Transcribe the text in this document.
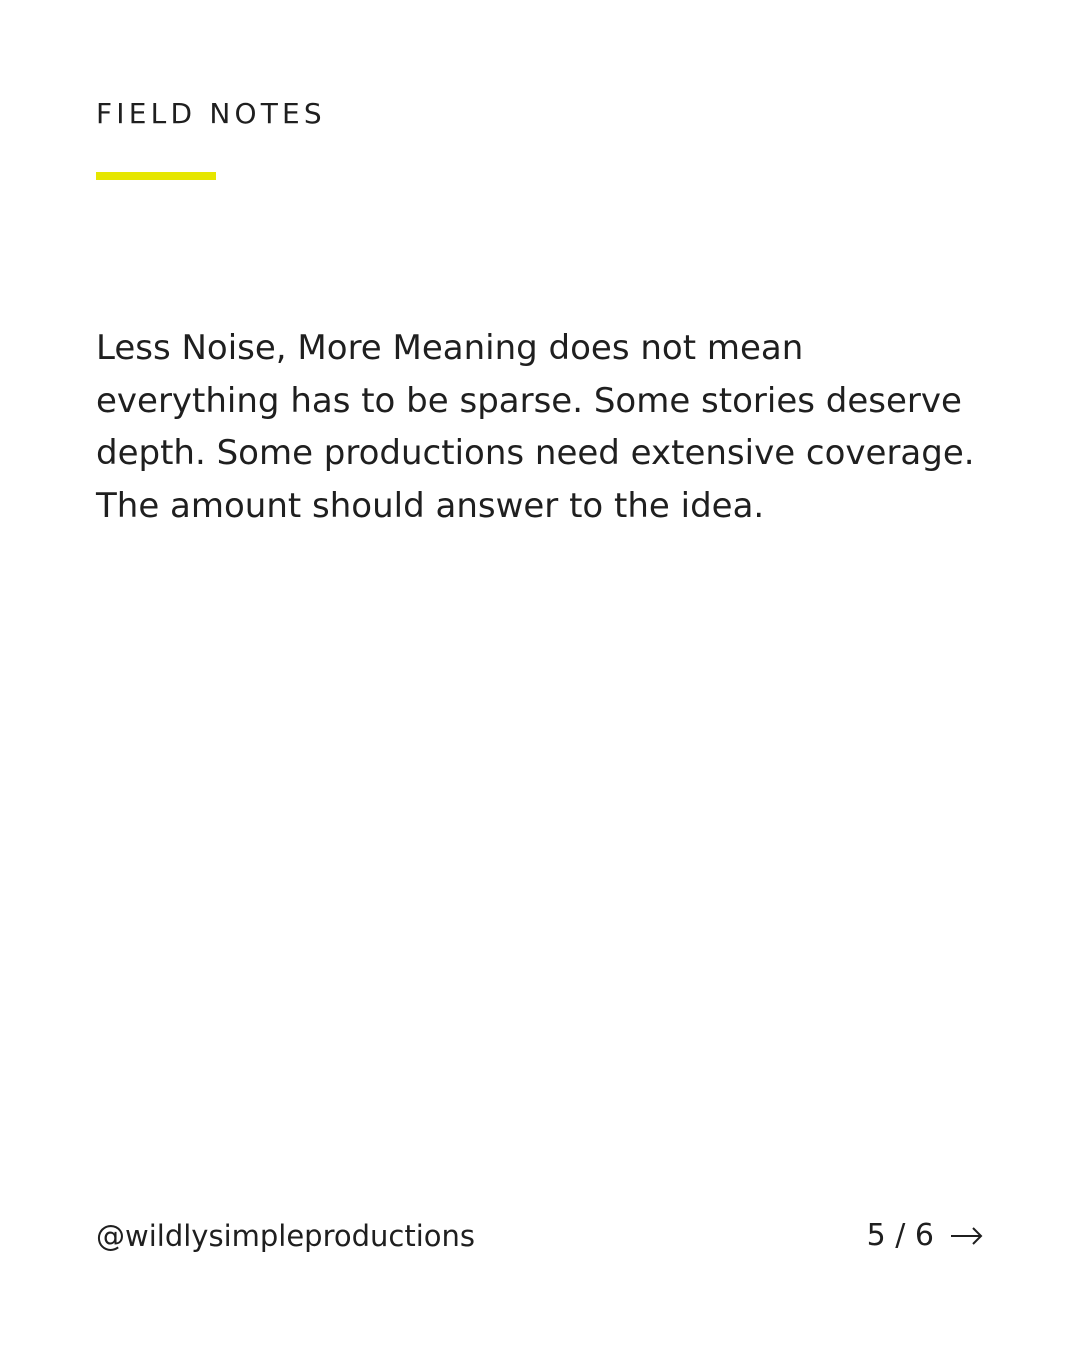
FIELD NOTES

Less Noise, More Meaning does not mean
everything has to be sparse. Some stories deserve
depth. Some productions need extensive coverage.
The amount should answer to the idea.

@wildlysimpleproductions	5 / 6
